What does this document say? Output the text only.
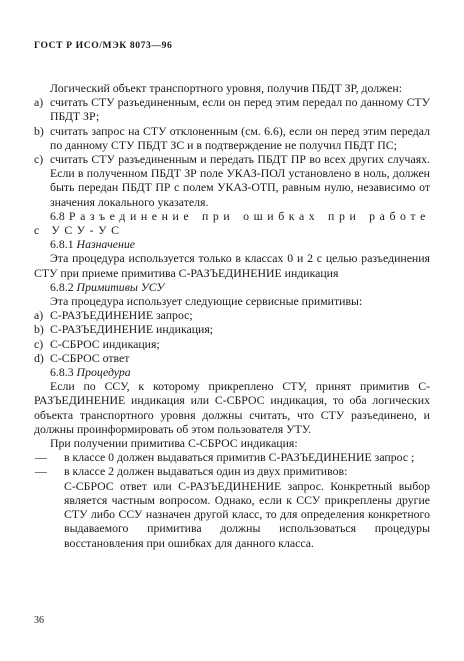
ГОСТ Р ИСО/МЭК 8073—96

Логический объект транспортного уровня, получив ПБДТ ЗР, должен:

а) считать СТУ разъединенным, если он перед этим передал по данному СТУ ПБДТ ЗР;
b) считать запрос на СТУ отклоненным (см. 6.6), если он перед этим передал по данному СТУ ПБДТ ЗС и в подтверждение не получил ПБДТ ПС;
с) считать СТУ разъединенным и передать ПБДТ ПР во всех других случаях. Если в полученном ПБДТ ЗР поле УКАЗ-ПОЛ установлено в ноль, должен быть передан ПБДТ ПР с полем УКАЗ-ОТП, равным нулю, независимо от значения локального указателя.

6.8 Разъединение при ошибках при работе с УСУ-УС

6.8.1 Назначение

Эта процедура используется только в классах 0 и 2 с целью разъединения СТУ при приеме примитива С-РАЗЪЕДИНЕНИЕ индикация

6.8.2 Примитивы УСУ

Эта процедура использует следующие сервисные примитивы:

а) С-РАЗЪЕДИНЕНИЕ запрос;
b) С-РАЗЪЕДИНЕНИЕ индикация;
с) С-СБРОС индикация;
d) С-СБРОС ответ

6.8.3 Процедура

Если по ССУ, к которому прикреплено СТУ, принят примитив С-РАЗЪЕДИНЕНИЕ индикация или С-СБРОС индикация, то оба логических объекта транспортного уровня должны считать, что СТУ разъединено, и должны проинформировать об этом пользователя УТУ.

При получении примитива С-СБРОС индикация:

— в классе 0 должен выдаваться примитив С-РАЗЪЕДИНЕНИЕ запрос ;
— в классе 2 должен выдаваться один из двух примитивов:

С-СБРОС ответ или С-РАЗЪЕДИНЕНИЕ запрос. Конкретный выбор является частным вопросом. Однако, если к ССУ прикреплены другие СТУ либо ССУ назначен другой класс, то для определения конкретного выдаваемого примитива должны использоваться процедуры восстановления при ошибках для данного класса.

36
